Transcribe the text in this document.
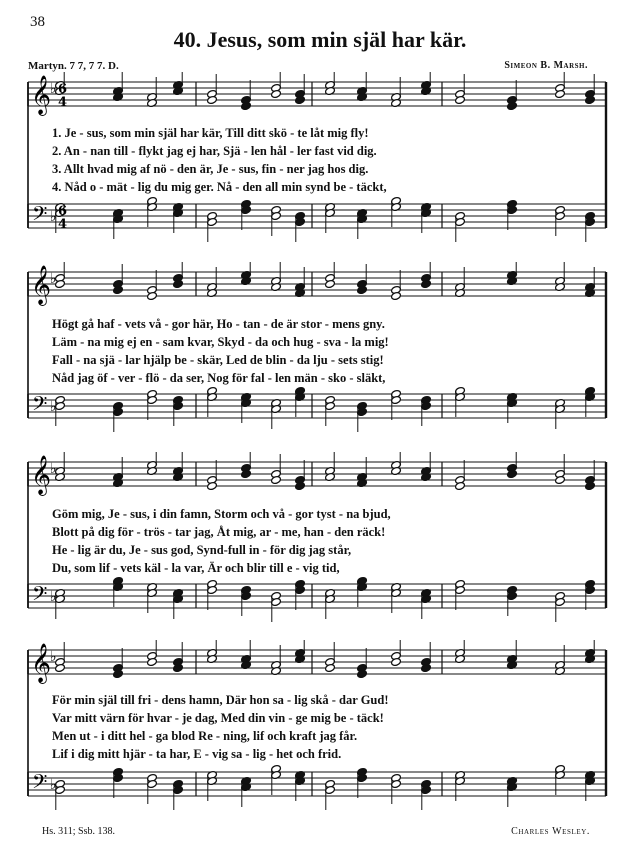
38
40. Jesus, som min själ har kär.
Martyn. 7 7, 7 7. D.	Simeon B. Marsh.
𝄞
𝄢
♭
♭
6
4
6
4
1. Je - sus, som min själ har kär, Till ditt skö - te låt mig fly!
2. An - nan till - flykt jag ej har, Sjä - len hål - ler fast vid dig.
3. Allt hvad mig af nö - den är, Je - sus, fin - ner jag hos dig.
4. Nåd o - mät - lig du mig ger. Nå - den all min synd be - täckt,
𝄞
𝄢
♭
♭
Högt gå haf - vets vå - gor här, Ho - tan - de är stor - mens gny.
Läm - na mig ej en - sam kvar, Skyd - da och hug - sva - la mig!
Fall - na sjä - lar hjälp be - skär, Led de blin - da lju - sets stig!
Nåd jag öf - ver - flö - da ser, Nog för fal - len män - sko - släkt,
𝄞
𝄢
♭
♭
Göm mig, Je - sus, i din famn, Storm och vå - gor tyst - na bjud,
Blott på dig för - trös - tar jag, Åt mig, ar - me, han - den räck!
He - lig är du, Je - sus god, Synd-full in - för dig jag står,
Du, som lif - vets käl - la var, Är och blir till e - vig tid,
𝄞
𝄢
♭
♭
För min själ till fri - dens hamn, Där hon sa - lig skå - dar Gud!
Var mitt värn för hvar - je dag, Med din vin - ge mig be - täck!
Men ut - i ditt hel - ga blod Re - ning, lif och kraft jag får.
Lif i dig mitt hjär - ta har, E - vig sa - lig - het och frid.
Hs. 311; Ssb. 138.	Charles Wesley.
